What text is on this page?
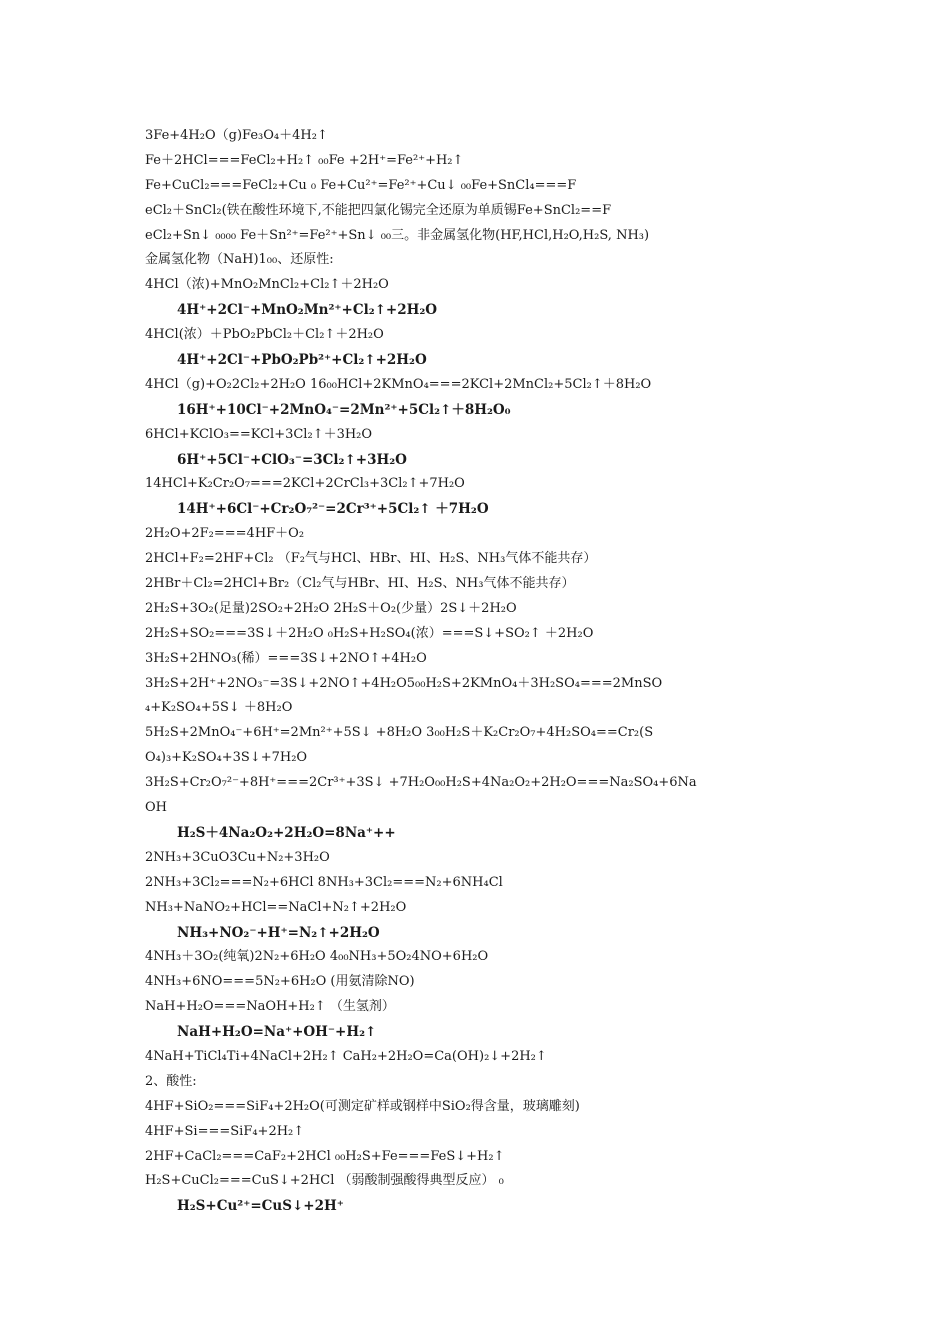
3Fe+4H₂O（g)Fe₃O₄＋4H₂↑
Fe＋2HCl===FeCl₂+H₂↑ ₀₀Fe +2H⁺=Fe²⁺+H₂↑
Fe+CuCl₂===FeCl₂+Cu ₀ Fe+Cu²⁺=Fe²⁺+Cu↓ ₀₀Fe+SnCl₄===F
eCl₂＋SnCl₂(铁在酸性环境下,不能把四氯化锡完全还原为单质锡Fe+SnCl₂==F
eCl₂+Sn↓ ₀₀₀₀ Fe＋Sn²⁺=Fe²⁺+Sn↓ ₀₀三。非金属氢化物(HF,HCl,H₂O,H₂S, NH₃)
金属氢化物（NaH)1₀₀、还原性:
4HCl（浓)+MnO₂MnCl₂+Cl₂↑＋2H₂O
4H⁺+2Cl⁻+MnO₂Mn²⁺+Cl₂↑+2H₂O
4HCl(浓）＋PbO₂PbCl₂＋Cl₂↑＋2H₂O
4H⁺+2Cl⁻+PbO₂Pb²⁺+Cl₂↑+2H₂O
4HCl（g)+O₂2Cl₂+2H₂O 16₀₀HCl+2KMnO₄===2KCl+2MnCl₂+5Cl₂↑＋8H₂O
16H⁺+10Cl⁻+2MnO₄⁻=2Mn²⁺+5Cl₂↑＋8H₂O₀
6HCl+KClO₃==KCl+3Cl₂↑＋3H₂O
6H⁺+5Cl⁻+ClO₃⁻=3Cl₂↑+3H₂O
14HCl+K₂Cr₂O₇===2KCl+2CrCl₃+3Cl₂↑+7H₂O
14H⁺+6Cl⁻+Cr₂O₇²⁻=2Cr³⁺+5Cl₂↑ ＋7H₂O
2H₂O+2F₂===4HF＋O₂
2HCl+F₂=2HF+Cl₂ （F₂气与HCl、HBr、HI、H₂S、NH₃气体不能共存）
2HBr＋Cl₂=2HCl+Br₂（Cl₂气与HBr、HI、H₂S、NH₃气体不能共存）
2H₂S+3O₂(足量)2SO₂+2H₂O 2H₂S＋O₂(少量）2S↓＋2H₂O
2H₂S+SO₂===3S↓＋2H₂O ₀H₂S+H₂SO₄(浓）===S↓+SO₂↑ ＋2H₂O
3H₂S+2HNO₃(稀）===3S↓+2NO↑+4H₂O
3H₂S+2H⁺+2NO₃⁻=3S↓+2NO↑+4H₂O5₀₀H₂S+2KMnO₄＋3H₂SO₄===2MnSO
₄+K₂SO₄+5S↓ ＋8H₂O
5H₂S+2MnO₄⁻+6H⁺=2Mn²⁺+5S↓ +8H₂O 3₀₀H₂S＋K₂Cr₂O₇+4H₂SO₄==Cr₂(S
O₄)₃+K₂SO₄+3S↓+7H₂O
3H₂S+Cr₂O₇²⁻+8H⁺===2Cr³⁺+3S↓ +7H₂O₀₀H₂S+4Na₂O₂+2H₂O===Na₂SO₄+6Na
OH
H₂S＋4Na₂O₂+2H₂O=8Na⁺++
2NH₃+3CuO3Cu+N₂+3H₂O
2NH₃+3Cl₂===N₂+6HCl 8NH₃+3Cl₂===N₂+6NH₄Cl
NH₃+NaNO₂+HCl==NaCl+N₂↑+2H₂O
NH₃+NO₂⁻+H⁺=N₂↑+2H₂O
4NH₃＋3O₂(纯氧)2N₂+6H₂O 4₀₀NH₃+5O₂4NO+6H₂O
4NH₃+6NO===5N₂+6H₂O (用氨清除NO)
NaH+H₂O===NaOH+H₂↑ （生氢剂）
NaH+H₂O=Na⁺+OH⁻+H₂↑
4NaH+TiCl₄Ti+4NaCl+2H₂↑ CaH₂+2H₂O=Ca(OH)₂↓+2H₂↑
2、酸性:
4HF+SiO₂===SiF₄+2H₂O(可测定矿样或钢样中SiO₂得含量，玻璃雕刻)
4HF+Si===SiF₄+2H₂↑
2HF+CaCl₂===CaF₂+2HCl ₀₀H₂S+Fe===FeS↓+H₂↑
H₂S+CuCl₂===CuS↓+2HCl （弱酸制强酸得典型反应） ₀
H₂S+Cu²⁺=CuS↓+2H⁺
